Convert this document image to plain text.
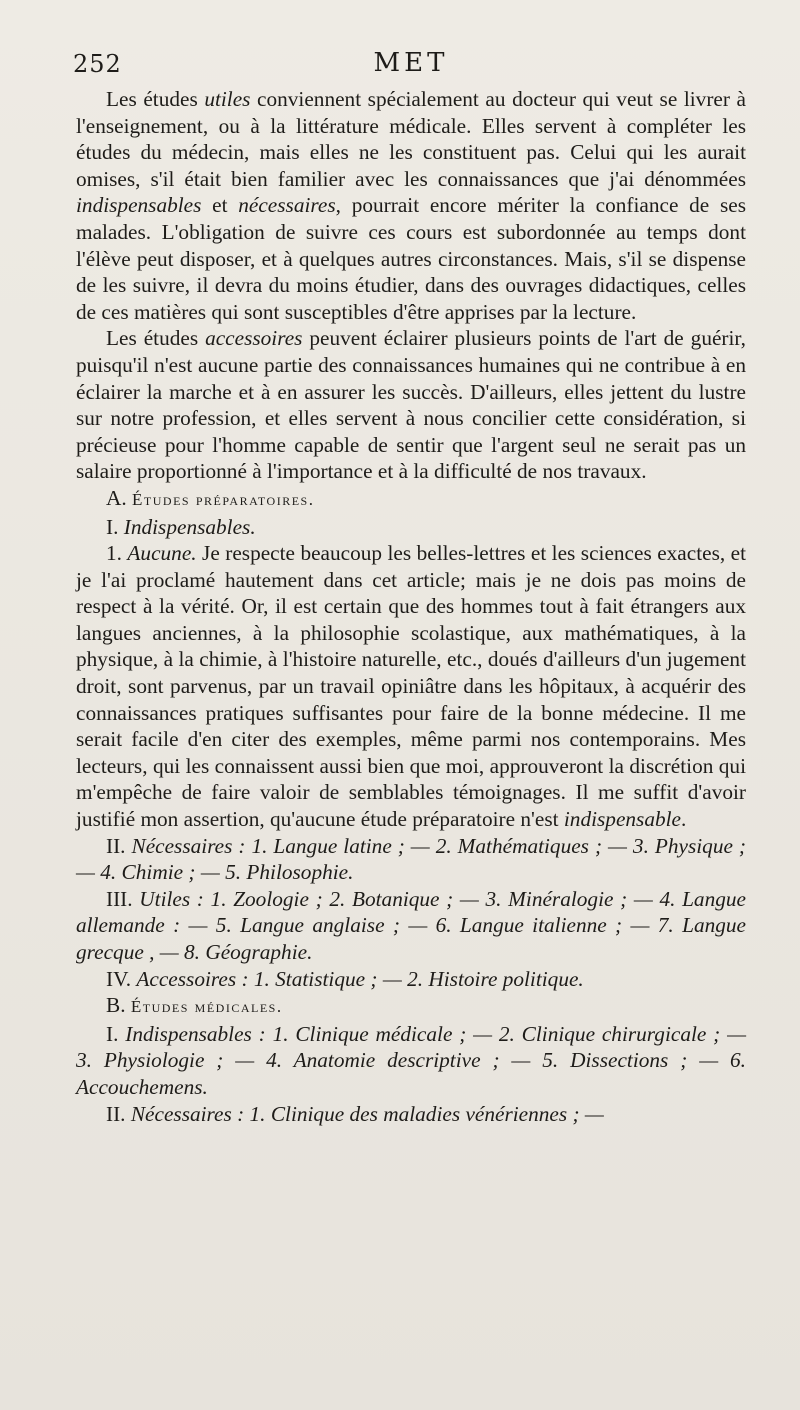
252	MET

Les études utiles conviennent spécialement au docteur qui veut se livrer à l'enseignement, ou à la littérature médicale. Elles servent à compléter les études du médecin, mais elles ne les constituent pas. Celui qui les aurait omises, s'il était bien familier avec les connaissances que j'ai dénommées indispensables et nécessaires, pourrait encore mériter la confiance de ses malades. L'obligation de suivre ces cours est subordonnée au temps dont l'élève peut disposer, et à quelques autres circonstances. Mais, s'il se dispense de les suivre, il devra du moins étudier, dans des ouvrages didactiques, celles de ces matières qui sont susceptibles d'être apprises par la lecture.

Les études accessoires peuvent éclairer plusieurs points de l'art de guérir, puisqu'il n'est aucune partie des connaissances humaines qui ne contribue à en éclairer la marche et à en assurer les succès. D'ailleurs, elles jettent du lustre sur notre profession, et elles servent à nous concilier cette considération, si précieuse pour l'homme capable de sentir que l'argent seul ne serait pas un salaire proportionné à l'importance et à la difficulté de nos travaux.

A. Études préparatoires.

I. Indispensables.

1. Aucune. Je respecte beaucoup les belles-lettres et les sciences exactes, et je l'ai proclamé hautement dans cet article; mais je ne dois pas moins de respect à la vérité. Or, il est certain que des hommes tout à fait étrangers aux langues anciennes, à la philosophie scolastique, aux mathématiques, à la physique, à la chimie, à l'histoire naturelle, etc., doués d'ailleurs d'un jugement droit, sont parvenus, par un travail opiniâtre dans les hôpitaux, à acquérir des connaissances pratiques suffisantes pour faire de la bonne médecine. Il me serait facile d'en citer des exemples, même parmi nos contemporains. Mes lecteurs, qui les connaissent aussi bien que moi, approuveront la discrétion qui m'empêche de faire valoir de semblables témoignages. Il me suffit d'avoir justifié mon assertion, qu'aucune étude préparatoire n'est indispensable.

II. Nécessaires : 1. Langue latine ; — 2. Mathématiques ; — 3. Physique ; — 4. Chimie ; — 5. Philosophie.

III. Utiles : 1. Zoologie ; 2. Botanique ; — 3. Minéralogie ; — 4. Langue allemande : — 5. Langue anglaise ; — 6. Langue italienne ; — 7. Langue grecque , — 8. Géographie.

IV. Accessoires : 1. Statistique ; — 2. Histoire politique.

B. Études médicales.

I. Indispensables : 1. Clinique médicale ; — 2. Clinique chirurgicale ; — 3. Physiologie ; — 4. Anatomie descriptive ; — 5. Dissections ; — 6. Accouchemens.

II. Nécessaires : 1. Clinique des maladies vénériennes ; —
